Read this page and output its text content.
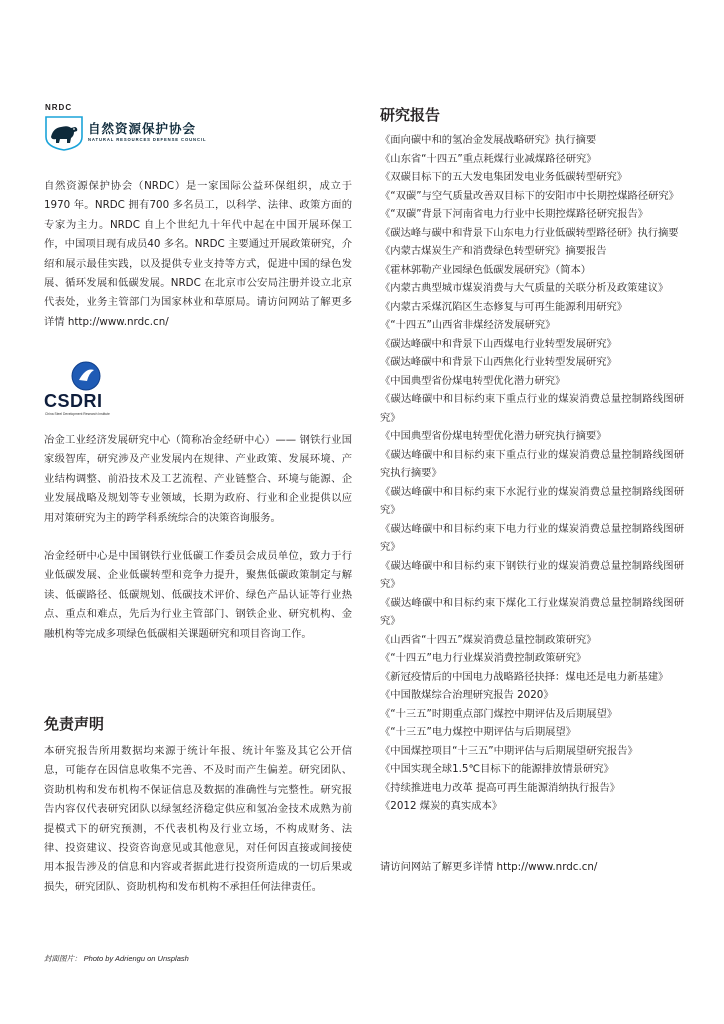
NRDC
自然资源保护协会
NATURAL RESOURCES DEFENSE COUNCIL

自然资源保护协会（NRDC）是一家国际公益环保组织，成立于1970 年。NRDC 拥有700 多名员工，以科学、法律、政策方面的专家为主力。NRDC 自上个世纪九十年代中起在中国开展环保工作，中国项目现有成员40 多名。NRDC 主要通过开展政策研究，介绍和展示最佳实践，以及提供专业支持等方式，促进中国的绿色发展、循环发展和低碳发展。NRDC 在北京市公安局注册并设立北京代表处，业务主管部门为国家林业和草原局。请访问网站了解更多详情 http://www.nrdc.cn/

CSDRI
China Steel Development Research Institute

冶金工业经济发展研究中心（简称冶金经研中心）—— 钢铁行业国家级智库，研究涉及产业发展内在规律、产业政策、发展环境、产业结构调整、前沿技术及工艺流程、产业链整合、环境与能源、企业发展战略及规划等专业领域，长期为政府、行业和企业提供以应用对策研究为主的跨学科系统综合的决策咨询服务。

冶金经研中心是中国钢铁行业低碳工作委员会成员单位，致力于行业低碳发展、企业低碳转型和竞争力提升，聚焦低碳政策制定与解读、低碳路径、低碳规划、低碳技术评价、绿色产品认证等行业热点、重点和难点，先后为行业主管部门、钢铁企业、研究机构、金融机构等完成多项绿色低碳相关课题研究和项目咨询工作。

免责声明

本研究报告所用数据均来源于统计年报、统计年鉴及其它公开信息，可能存在因信息收集不完善、不及时而产生偏差。研究团队、资助机构和发布机构不保证信息及数据的准确性与完整性。研究报告内容仅代表研究团队以绿氢经济稳定供应和氢冶金技术成熟为前提模式下的研究预测，不代表机构及行业立场，不构成财务、法律、投资建议、投资咨询意见或其他意见，对任何因直接或间接使用本报告涉及的信息和内容或者据此进行投资所造成的一切后果或损失，研究团队、资助机构和发布机构不承担任何法律责任。

封面图片： Photo by Adriengu on Unsplash
研究报告
《面向碳中和的氢冶金发展战略研究》执行摘要
《山东省“十四五”重点耗煤行业减煤路径研究》
《双碳目标下的五大发电集团发电业务低碳转型研究》
《“双碳”与空气质量改善双目标下的安阳市中长期控煤路径研究》
《“双碳”背景下河南省电力行业中长期控煤路径研究报告》
《碳达峰与碳中和背景下山东电力行业低碳转型路径研》执行摘要
《内蒙古煤炭生产和消费绿色转型研究》摘要报告
《霍林郭勒产业园绿色低碳发展研究》（简本）
《内蒙古典型城市煤炭消费与大气质量的关联分析及政策建议》
《内蒙古采煤沉陷区生态修复与可再生能源利用研究》
《“十四五”山西省非煤经济发展研究》
《碳达峰碳中和背景下山西煤电行业转型发展研究》
《碳达峰碳中和背景下山西焦化行业转型发展研究》
《中国典型省份煤电转型优化潜力研究》
《碳达峰碳中和目标约束下重点行业的煤炭消费总量控制路线图研究》
《中国典型省份煤电转型优化潜力研究执行摘要》
《碳达峰碳中和目标约束下重点行业的煤炭消费总量控制路线图研究执行摘要》
《碳达峰碳中和目标约束下水泥行业的煤炭消费总量控制路线图研究》
《碳达峰碳中和目标约束下电力行业的煤炭消费总量控制路线图研究》
《碳达峰碳中和目标约束下钢铁行业的煤炭消费总量控制路线图研究》
《碳达峰碳中和目标约束下煤化工行业煤炭消费总量控制路线图研究》
《山西省“十四五”煤炭消费总量控制政策研究》
《“十四五”电力行业煤炭消费控制政策研究》
《新冠疫情后的中国电力战略路径抉择：煤电还是电力新基建》
《中国散煤综合治理研究报告 2020》
《“十三五”时期重点部门煤控中期评估及后期展望》
《“十三五”电力煤控中期评估与后期展望》
《中国煤控项目“十三五”中期评估与后期展望研究报告》
《中国实现全球1.5℃目标下的能源排放情景研究》
《持续推进电力改革 提高可再生能源消纳执行报告》
《2012 煤炭的真实成本》

请访问网站了解更多详情 http://www.nrdc.cn/
